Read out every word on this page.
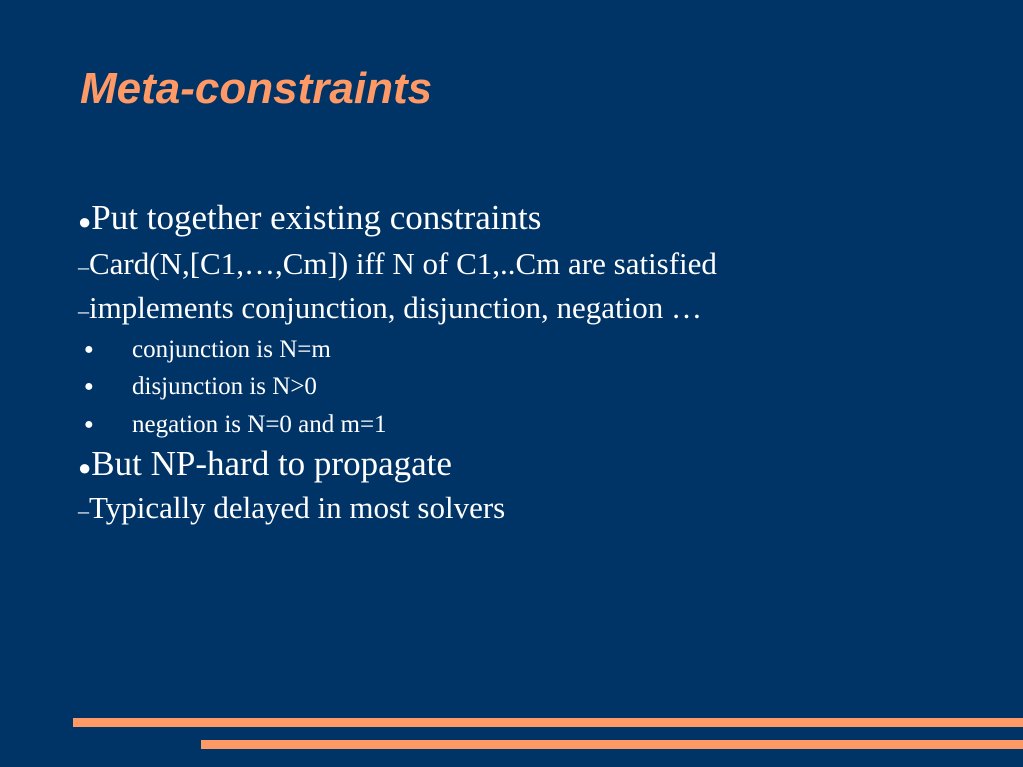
Meta-constraints
●Put together existing constraints
–Card(N,[C1,…,Cm]) iff N of C1,..Cm are satisfied
–implements conjunction, disjunction, negation …
● conjunction is N=m
● disjunction is N>0
● negation is N=0 and m=1
●But NP-hard to propagate
–Typically delayed in most solvers
